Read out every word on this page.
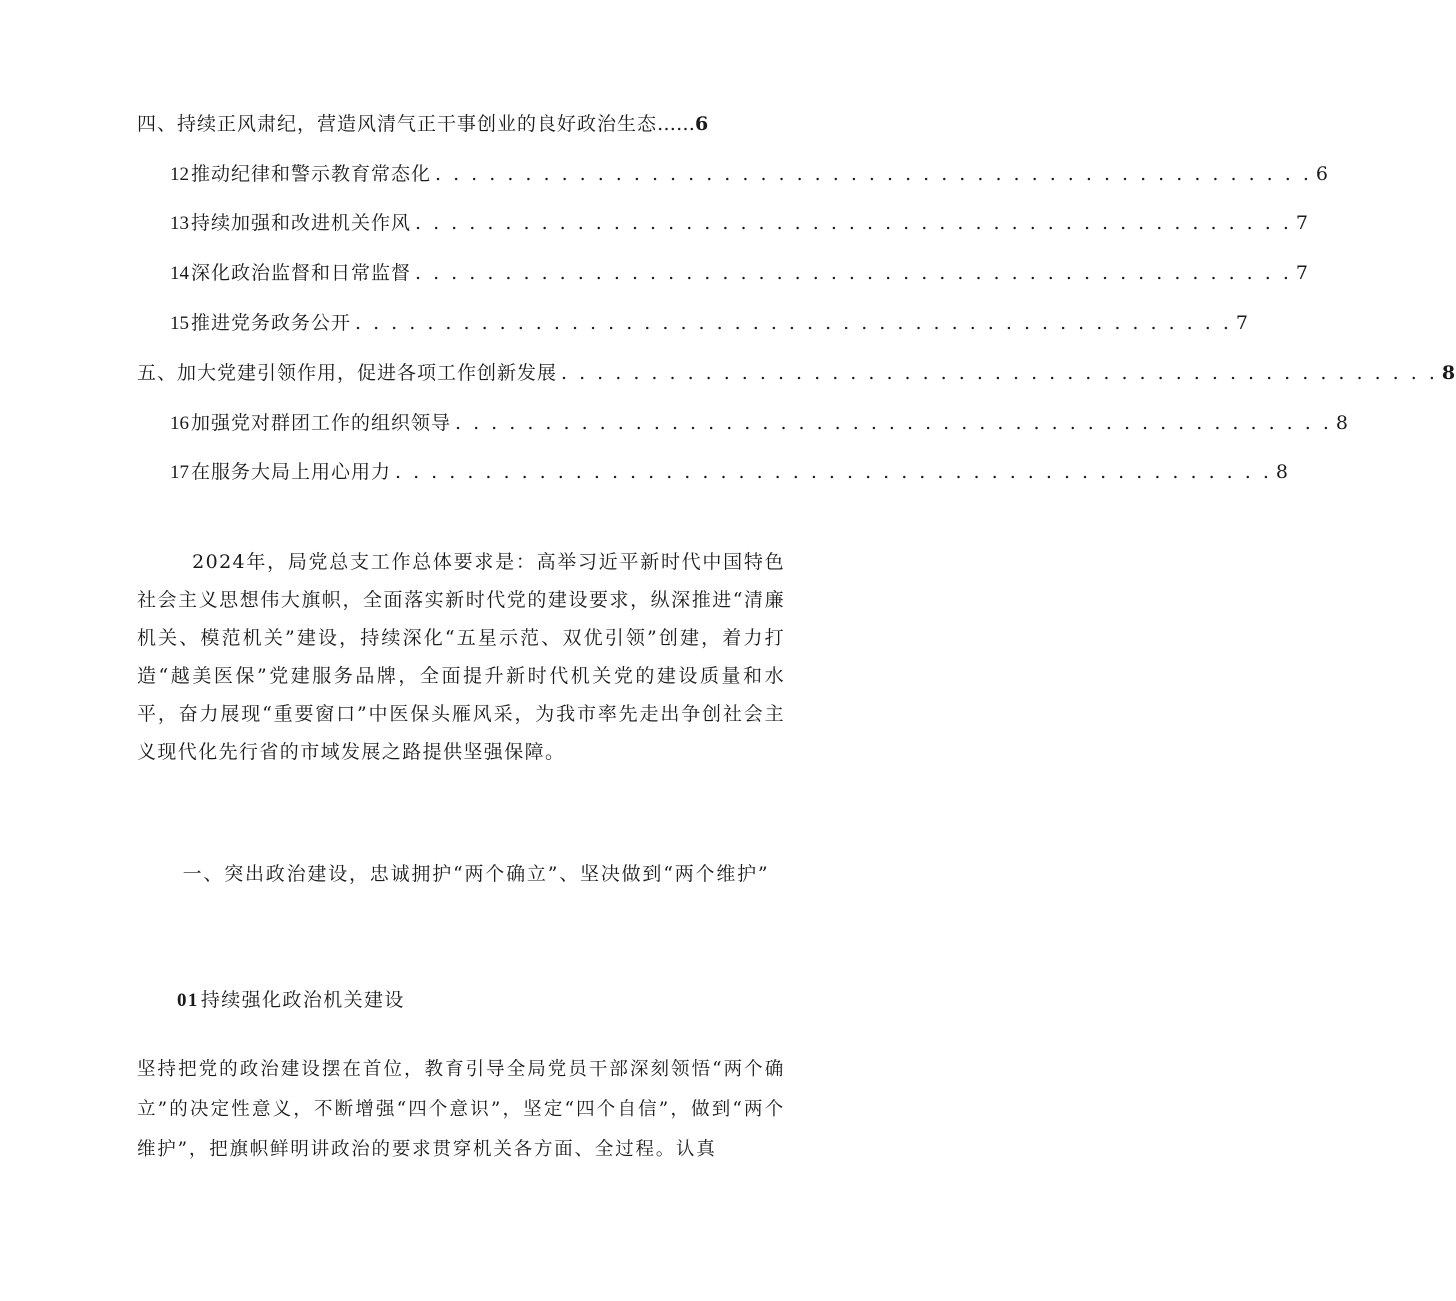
四、持续正风肃纪，营造风清气正干事创业的良好政治生态 …… 6
12 推动纪律和警示教育常态化 . . . . . . . . . . . . . . . . . . . . . . . . . . . . . . . . . . . . . . . . . . . . . . . . . 6
13 持续加强和改进机关作风 . . . . . . . . . . . . . . . . . . . . . . . . . . . . . . . . . . . . . . . . . . . . . . . . . 7
14 深化政治监督和日常监督 . . . . . . . . . . . . . . . . . . . . . . . . . . . . . . . . . . . . . . . . . . . . . . . . . 7
15 推进党务政务公开 . . . . . . . . . . . . . . . . . . . . . . . . . . . . . . . . . . . . . . . . . . . . . . . . . 7
五、加大党建引领作用，促进各项工作创新发展 . . . . . . . . . . . . . . . . . . . . . . . . . . . . . . . . . . . . . . . . . . . . . . . . . 8
16 加强党对群团工作的组织领导 . . . . . . . . . . . . . . . . . . . . . . . . . . . . . . . . . . . . . . . . . . . . . . . . . 8
17 在服务大局上用心用力 . . . . . . . . . . . . . . . . . . . . . . . . . . . . . . . . . . . . . . . . . . . . . . . . . 8
2024年，局党总支工作总体要求是：高举习近平新时代中国特色社会主义思想伟大旗帜，全面落实新时代党的建设要求，纵深推进“清廉机关、模范机关”建设，持续深化“五星示范、双优引领”创建，着力打造“越美医保”党建服务品牌，全面提升新时代机关党的建设质量和水平，奋力展现“重要窗口”中医保头雁风采，为我市率先走出争创社会主义现代化先行省的市域发展之路提供坚强保障。
一、突出政治建设，忠诚拥护“两个确立”、坚决做到“两个维护”
01 持续强化政治机关建设
坚持把党的政治建设摆在首位，教育引导全局党员干部深刻领悟“两个确立”的决定性意义，不断增强“四个意识”，坚定“四个自信”，做到“两个维护”，把旗帜鲜明讲政治的要求贯穿机关各方面、全过程。认真
